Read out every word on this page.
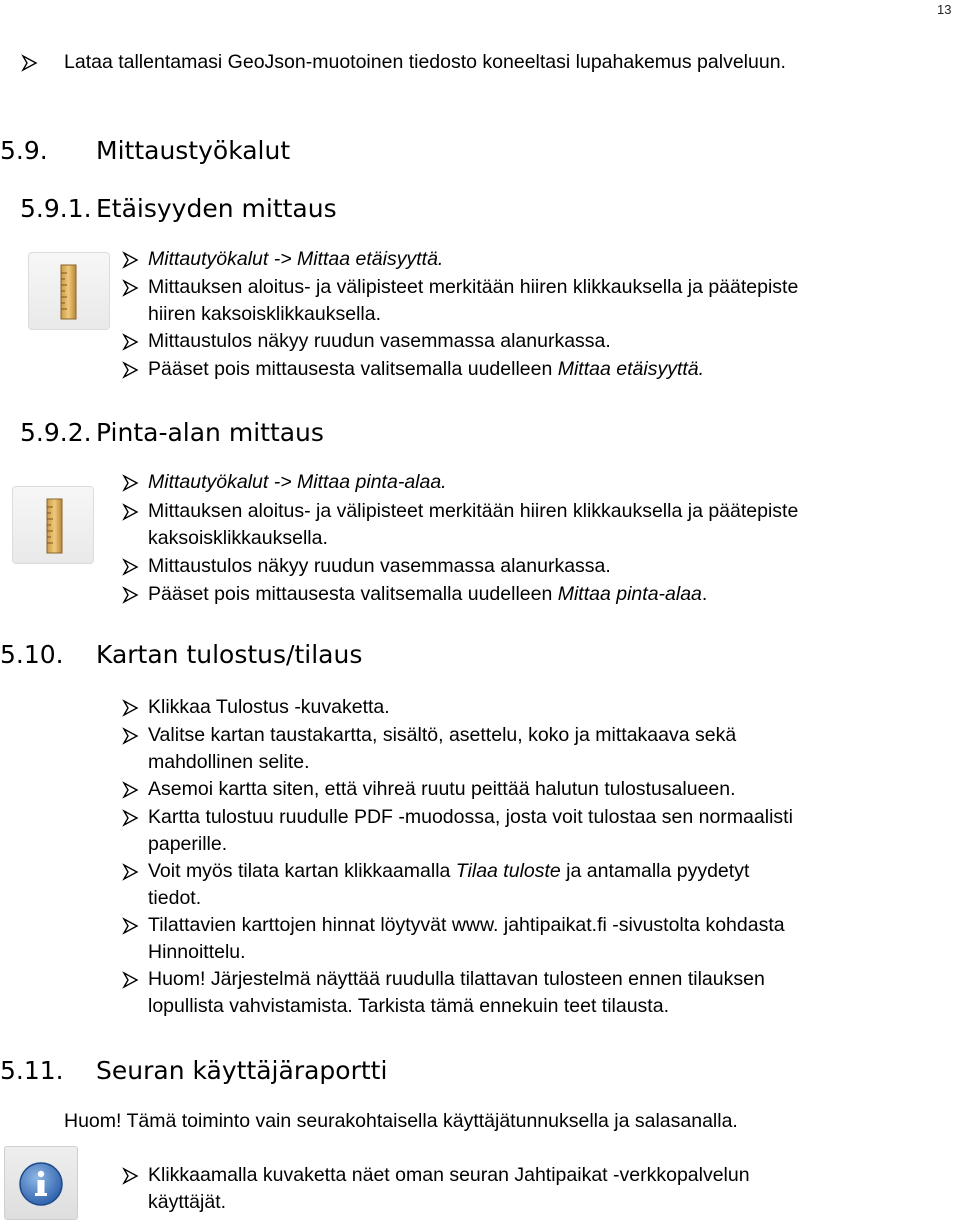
13
Lataa tallentamasi GeoJson-muotoinen tiedosto koneeltasi lupahakemus palveluun.
5.9. Mittaustyökalut
5.9.1. Etäisyyden mittaus
Mittautyökalut -> Mittaa etäisyyttä.
Mittauksen aloitus- ja välipisteet merkitään hiiren klikkauksella ja päätepiste
hiiren kaksoisklikkauksella.
Mittaustulos näkyy ruudun vasemmassa alanurkassa.
Pääset pois mittausesta valitsemalla uudelleen Mittaa etäisyyttä.
5.9.2. Pinta-alan mittaus
Mittautyökalut -> Mittaa pinta-alaa.
Mittauksen aloitus- ja välipisteet merkitään hiiren klikkauksella ja päätepiste
kaksoisklikkauksella.
Mittaustulos näkyy ruudun vasemmassa alanurkassa.
Pääset pois mittausesta valitsemalla uudelleen Mittaa pinta-alaa.
5.10. Kartan tulostus/tilaus
Klikkaa Tulostus -kuvaketta.
Valitse kartan taustakartta, sisältö, asettelu, koko ja mittakaava sekä
mahdollinen selite.
Asemoi kartta siten, että vihreä ruutu peittää halutun tulostusalueen.
Kartta tulostuu ruudulle PDF -muodossa, josta voit tulostaa sen normaalisti
paperille.
Voit myös tilata kartan klikkaamalla Tilaa tuloste ja antamalla pyydetyt
tiedot.
Tilattavien karttojen hinnat löytyvät www. jahtipaikat.fi -sivustolta kohdasta
Hinnoittelu.
Huom! Järjestelmä näyttää ruudulla tilattavan tulosteen ennen tilauksen
lopullista vahvistamista. Tarkista tämä ennekuin teet tilausta.
5.11. Seuran käyttäjäraportti
Huom! Tämä toiminto vain seurakohtaisella käyttäjätunnuksella ja salasanalla.
Klikkaamalla kuvaketta näet oman seuran Jahtipaikat -verkkopalvelun
käyttäjät.
